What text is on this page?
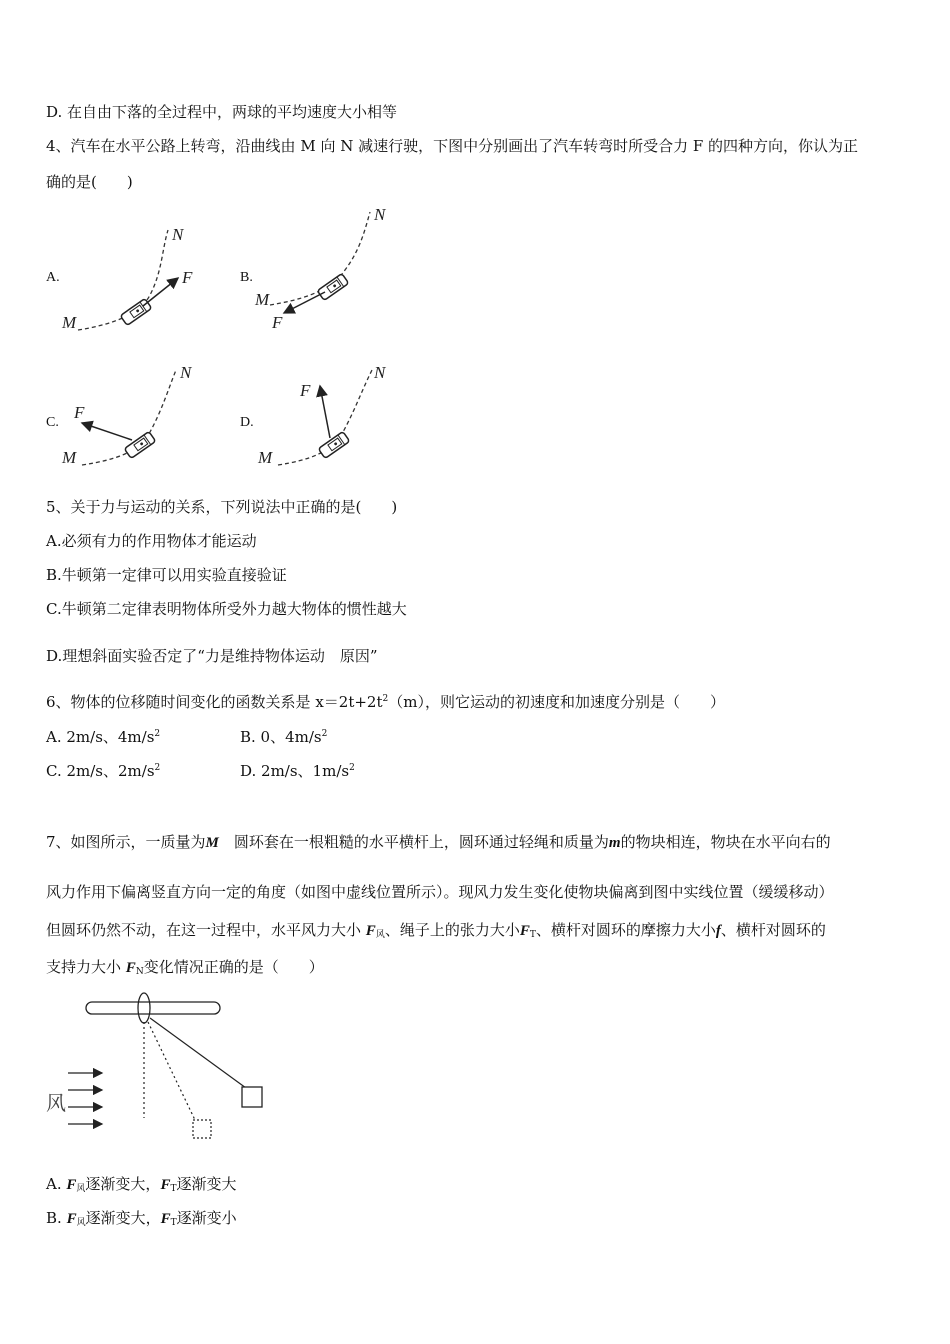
D. 在自由下落的全过程中，两球的平均速度大小相等
4、汽车在水平公路上转弯，沿曲线由 M 向 N 减速行驶，下图中分别画出了汽车转弯时所受合力 F 的四种方向，你认为正
确的是(　　)
A.	B.
C.	D.
M
N
F
M
N
F
M
N
F
M
N
F
风
5、关于力与运动的关系，下列说法中正确的是(　　)
A.必须有力的作用物体才能运动
B.牛顿第一定律可以用实验直接验证
C.牛顿第二定律表明物体所受外力越大物体的惯性越大
D.理想斜面实验否定了“力是维持物体运动　原因”
6、物体的位移随时间变化的函数关系是 $x=2t+2t^2(m)$，则它运动的初速度和加速度分别是（　　）
A. 2m/s、$4m/s^2$	B. 0、$4m/s^2$
C. 2m/s、$2m/s^2$	D. 2m/s、$1m/s^2$
7、如图所示，一质量为M　圆环套在一根粗糙的水平横杆上，圆环通过轻绳和质量为m的物块相连，物块在水平向右的
风力作用下偏离竖直方向一定的角度（如图中虚线位置所示）。现风力发生变化使物块偏离到图中实线位置（缓缓移动）
但圆环仍然不动，在这一过程中，水平风力大小 $F_风$、绳子上的张力大小$F_T$、横杆对圆环的摩擦力大小f、横杆对圆环的
支持力大小 $F_N$变化情况正确的是（　　）
A. $F_风$逐渐变大，$F_T$逐渐变大
B. $F_风$逐渐变大，$F_T$逐渐变小
